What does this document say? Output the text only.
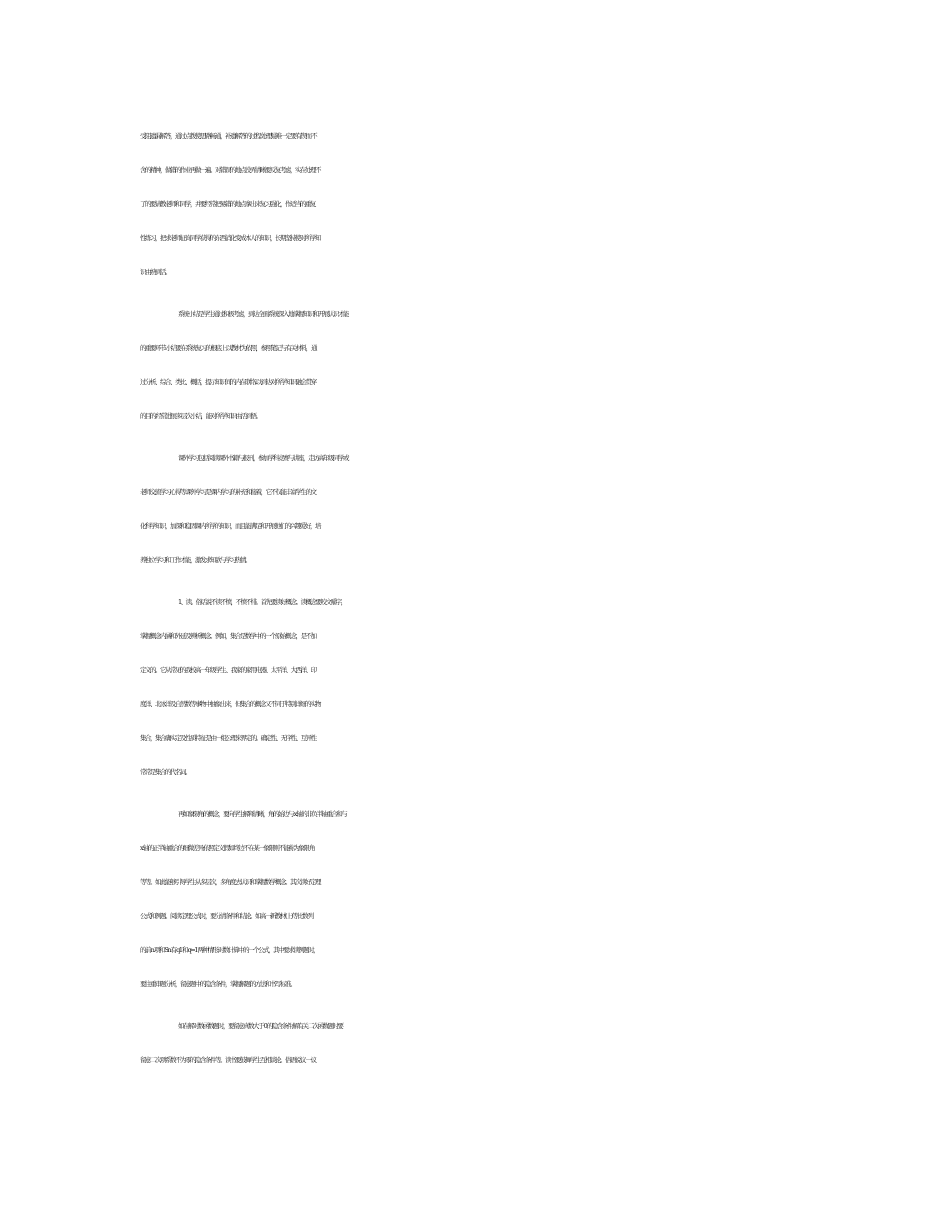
受阻遗漏解答，通过点拨使思路畅通，补遗解答的过程.处理疑难一定要有锲而 不
舍的精神，做错的作业再做一遍。对错误的地点没弄清晰要反复考虑，实在处理不
了的要请教老师和同学，并要经常把易错的地点拿出来复习强化，作适当的重复
性练习，把求老师征询同学获得的东西消化变成本人的知识，长期坚持使对所学知
识由熟到活。
系统小结是学生通过积极考虑，到达全面系统深入地掌握知识和开展认识才能
的重要环节.小结要在系统复习的根底上以教材为依照，参照笔记与有关材料， 通
过分析、综合、类比、概括，提示知识间的内在联络.以到达对所学知识融会贯穿
的目的.经常进展多层次小结，能对所学知识由活到悟。
课外学习包括阅读课外书籍与报刊，参加学科竞赛与讲座，走访高年级同学或
老师交流学习心得等.课外学习是课内学习的补充和接着，它不仅能丰富学生的文
化科学知识，加深和稳固课内所学的知识，而且能满足和开展他们的兴趣爱好，培
养独立学习和工作才能，激发求知欲与学习热情。
1、读。俗话说不读不愤，不愤不悱。首先要读好概念。读概念要咬文嚼字，
掌握概念内涵和外延及辨析概念。例如，集合是数学中的一个原始概 念，是不加
定义的。它从常见的我校高一年级学生 、我家的家用电器、太平洋、大西洋、印
度洋、北冰洋及自然数等事物中抽象出来，但集合的概念又不同于特别详细的实物
集合，集合确实定及性质特 征是由一组公理来界定的。确定性、无序性、互异性
常常是集合的代名词。
再如象限角的概念，要向学生解释清晰，角的始边与 x 轴的非负半轴重合和与
x 轴的正半轴重合的细微差异;依照定义假如终边不在某一象限则不能称为象限 角
等等。如此能够引导学生从多层次，多角度去认识和掌握数学概念。其次读好定理
公式和例题。阅读定理公式时，要分清条件和结论。如高一新教材(上)等比数 列
的前 n 项和 Sn.有 q1 和 q=1 两种情形;对数计算中的一个公式，其中要求读例题时，
要注重审题分析，留意题中的隐含条件，掌握解题的方法和书写标准。
如在解对数函数题时，要留意真数大于 0 的隐含条件;解有关二次函数题时要
留意二次项系数不为零的隐含条件等。读书要鼓舞学生互相谈论。俗语说议 一议
